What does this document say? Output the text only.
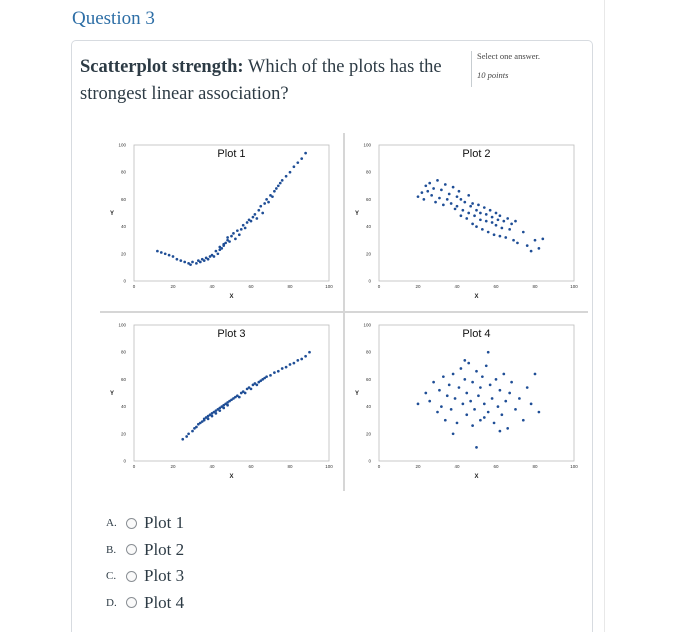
Question 3
Scatterplot strength: Which of the plots has the strongest linear association?
Select one answer.
10 points
Plot 1
0	20	40	60	80	100
0
20
40
60
80
100
X
Y
Plot 2
0	20	40	60	80	100
0
20
40
60
80
100
X
Y
Plot 3
0	20	40	60	80	100
0
20
40
60
80
100
X
Y
Plot 4
0	20	40	60	80	100
0
20
40
60
80
100
X
Y
A.	Plot 1
B.	Plot 2
C.	Plot 3
D.	Plot 4
